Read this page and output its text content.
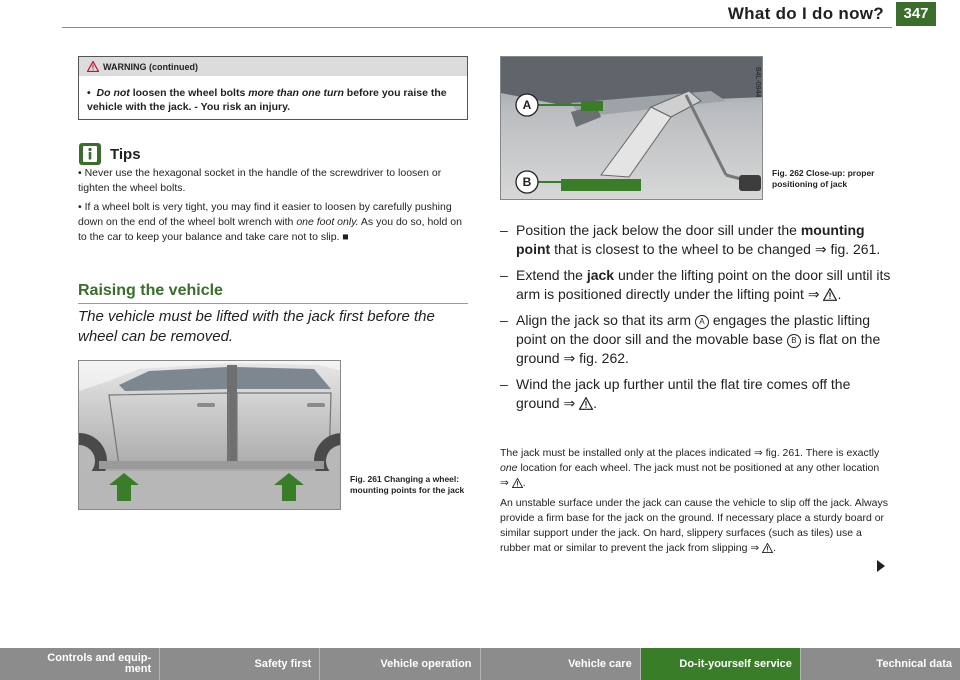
What do I do now?	347
WARNING (continued)
• Do not loosen the wheel bolts more than one turn before you raise the vehicle with the jack. - You risk an injury.
Tips

• Never use the hexagonal socket in the handle of the screwdriver to loosen or tighten the wheel bolts.

• If a wheel bolt is very tight, you may find it easier to loosen by carefully pushing down on the end of the wheel bolt wrench with one foot only. As you do so, hold on to the car to keep your balance and take care not to slip. ■

Raising the vehicle
The vehicle must be lifted with the jack first before the wheel can be removed.
Fig. 261 Changing a wheel: mounting points for the jack
A
B
B4L-0944
Fig. 262 Close-up: proper positioning of jack
– Position the jack below the door sill under the mounting point that is closest to the wheel to be changed ⇒ fig. 261.
– Extend the jack under the lifting point on the door sill until its arm is positioned directly under the lifting point ⇒ .
– Align the jack so that its arm A engages the plastic lifting point on the door sill and the movable base B is flat on the ground ⇒ fig. 262.
– Wind the jack up further until the flat tire comes off the ground ⇒ .

The jack must be installed only at the places indicated ⇒ fig. 261. There is exactly one location for each wheel. The jack must not be positioned at any other location ⇒ .

An unstable surface under the jack can cause the vehicle to slip off the jack. Always provide a firm base for the jack on the ground. If necessary place a sturdy board or similar support under the jack. On hard, slippery surfaces (such as tiles) use a rubber mat or similar to prevent the jack from slipping ⇒ .

Controls and equip-
ment	Safety first	Vehicle operation	Vehicle care	Do-it-yourself service	Technical data
